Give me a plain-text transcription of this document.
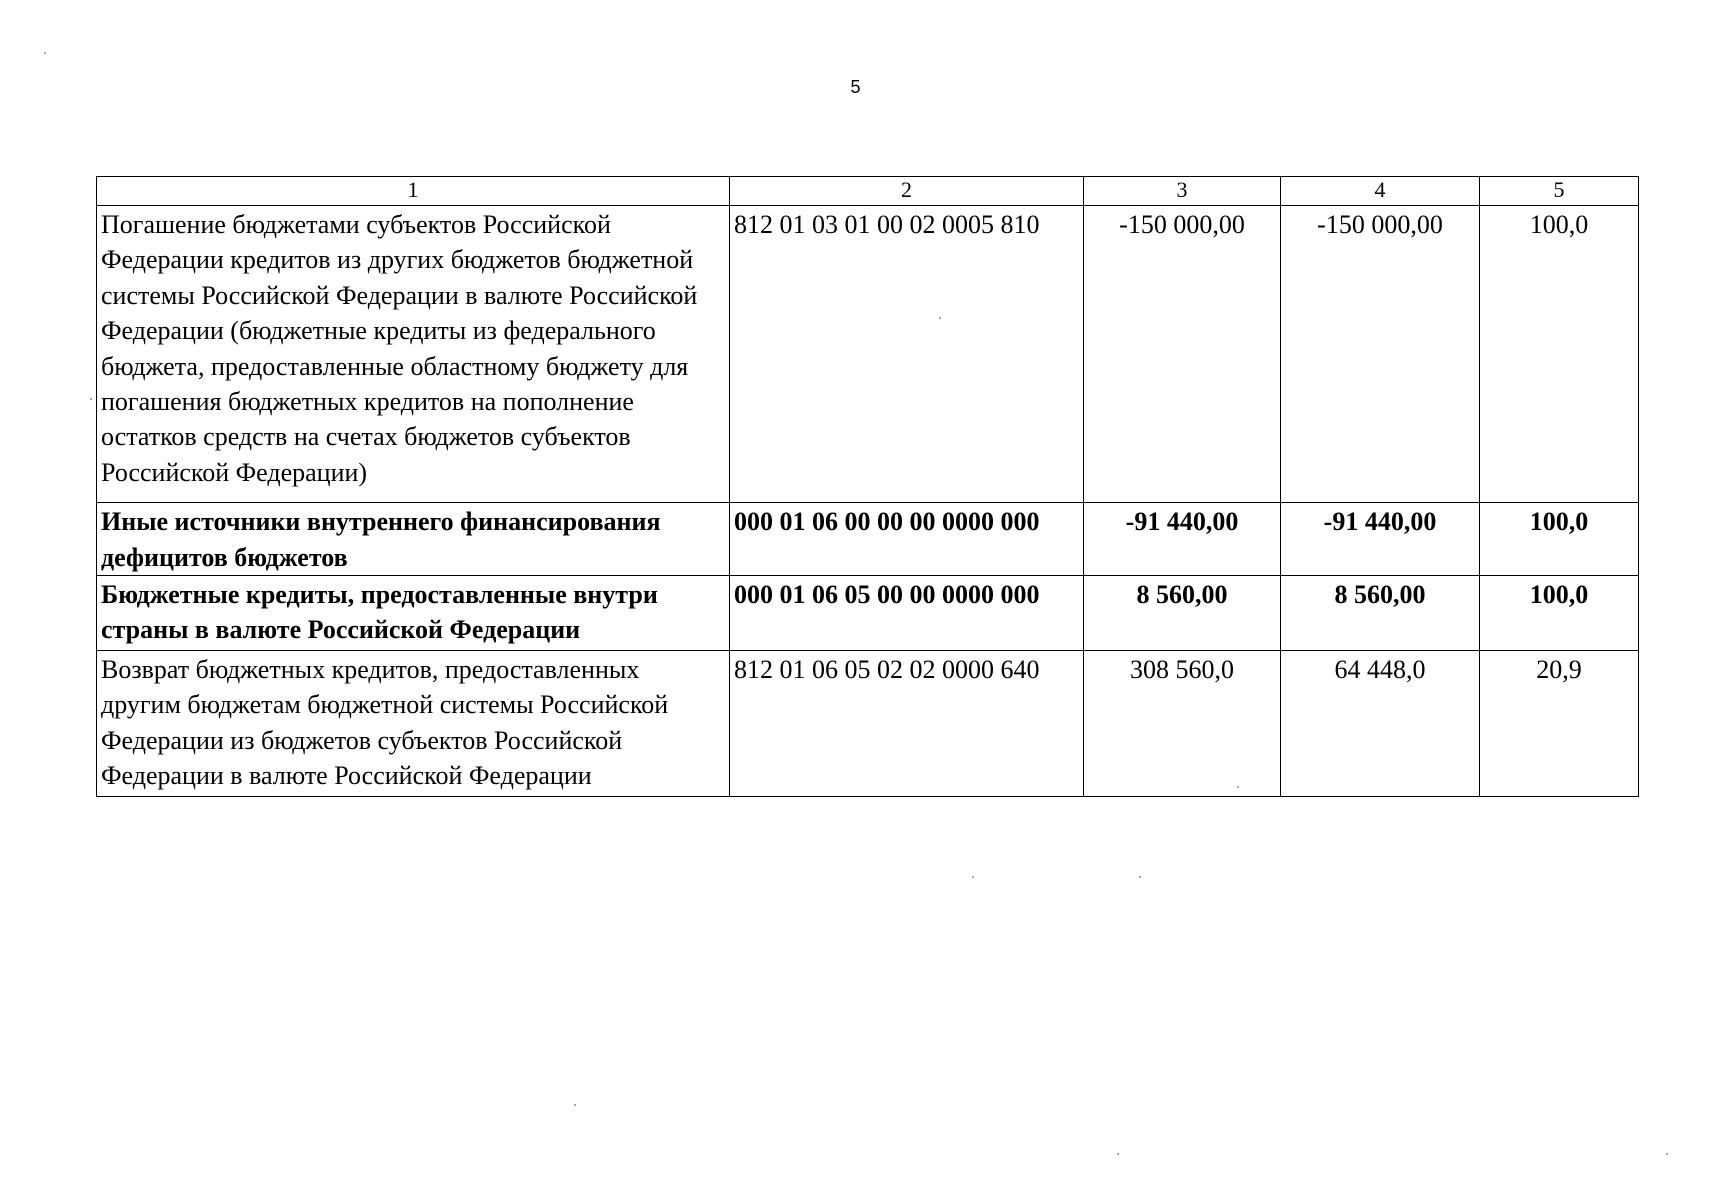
5
1	2	3	4	5
Погашение бюджетами субъектов Российской Федерации кредитов из других бюджетов бюджетной системы Российской Федерации в валюте Российской Федерации (бюджетные кредиты из федерального бюджета, предоставленные областному бюджету для погашения бюджетных кредитов на пополнение остатков средств на счетах бюджетов субъектов Российской Федерации)	812 01 03 01 00 02 0005 810	-150 000,00	-150 000,00	100,0
Иные источники внутреннего финансирования дефицитов бюджетов	000 01 06 00 00 00 0000 000	-91 440,00	-91 440,00	100,0
Бюджетные кредиты, предоставленные внутри страны в валюте Российской Федерации	000 01 06 05 00 00 0000 000	8 560,00	8 560,00	100,0
Возврат бюджетных кредитов, предоставленных другим бюджетам бюджетной системы Российской Федерации из бюджетов субъектов Российской Федерации в валюте Российской Федерации	812 01 06 05 02 02 0000 640	308 560,0	64 448,0	20,9
